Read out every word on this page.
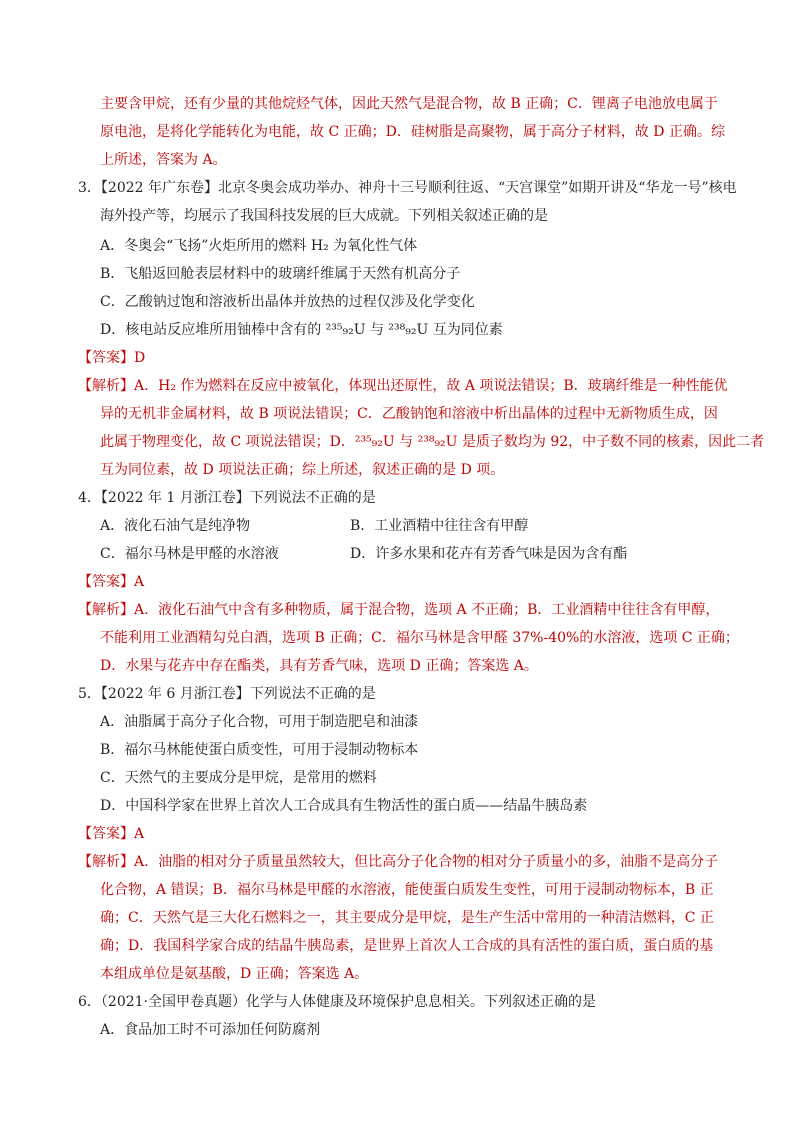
主要含甲烷，还有少量的其他烷烃气体，因此天然气是混合物，故 B 正确；C．锂离子电池放电属于
原电池，是将化学能转化为电能，故 C 正确；D．硅树脂是高聚物，属于高分子材料，故 D 正确。综
上所述，答案为 A。
3．【2022 年广东卷】北京冬奥会成功举办、神舟十三号顺利往返、“天宫课堂”如期开讲及“华龙一号”核电
海外投产等，均展示了我国科技发展的巨大成就。下列相关叙述正确的是
A．冬奥会“飞扬”火炬所用的燃料 H₂ 为氧化性气体
B．飞船返回舱表层材料中的玻璃纤维属于天然有机高分子
C．乙酸钠过饱和溶液析出晶体并放热的过程仅涉及化学变化
D．核电站反应堆所用铀棒中含有的 ²³⁵₉₂U 与 ²³⁸₉₂U 互为同位素
【答案】D
【解析】A．H₂ 作为燃料在反应中被氧化，体现出还原性，故 A 项说法错误；B．玻璃纤维是一种性能优
异的无机非金属材料，故 B 项说法错误；C．乙酸钠饱和溶液中析出晶体的过程中无新物质生成，因
此属于物理变化，故 C 项说法错误；D．²³⁵₉₂U 与 ²³⁸₉₂U 是质子数均为 92，中子数不同的核素，因此二者
互为同位素，故 D 项说法正确；综上所述，叙述正确的是 D 项。
4．【2022 年 1 月浙江卷】下列说法不正确的是
A．液化石油气是纯净物	B．工业酒精中往往含有甲醇
C．福尔马林是甲醛的水溶液	D．许多水果和花卉有芳香气味是因为含有酯
【答案】A
【解析】A．液化石油气中含有多种物质，属于混合物，选项 A 不正确；B．工业酒精中往往含有甲醇，
不能利用工业酒精勾兑白酒，选项 B 正确；C．福尔马林是含甲醛 37%-40%的水溶液，选项 C 正确；
D．水果与花卉中存在酯类，具有芳香气味，选项 D 正确；答案选 A。
5．【2022 年 6 月浙江卷】下列说法不正确的是
A．油脂属于高分子化合物，可用于制造肥皂和油漆
B．福尔马林能使蛋白质变性，可用于浸制动物标本
C．天然气的主要成分是甲烷，是常用的燃料
D．中国科学家在世界上首次人工合成具有生物活性的蛋白质——结晶牛胰岛素
【答案】A
【解析】A．油脂的相对分子质量虽然较大，但比高分子化合物的相对分子质量小的多，油脂不是高分子
化合物，A 错误；B．福尔马林是甲醛的水溶液，能使蛋白质发生变性，可用于浸制动物标本，B 正
确；C．天然气是三大化石燃料之一，其主要成分是甲烷，是生产生活中常用的一种清洁燃料，C 正
确；D．我国科学家合成的结晶牛胰岛素，是世界上首次人工合成的具有活性的蛋白质，蛋白质的基
本组成单位是氨基酸，D 正确；答案选 A。
6．（2021·全国甲卷真题）化学与人体健康及环境保护息息相关。下列叙述正确的是
A．食品加工时不可添加任何防腐剂
